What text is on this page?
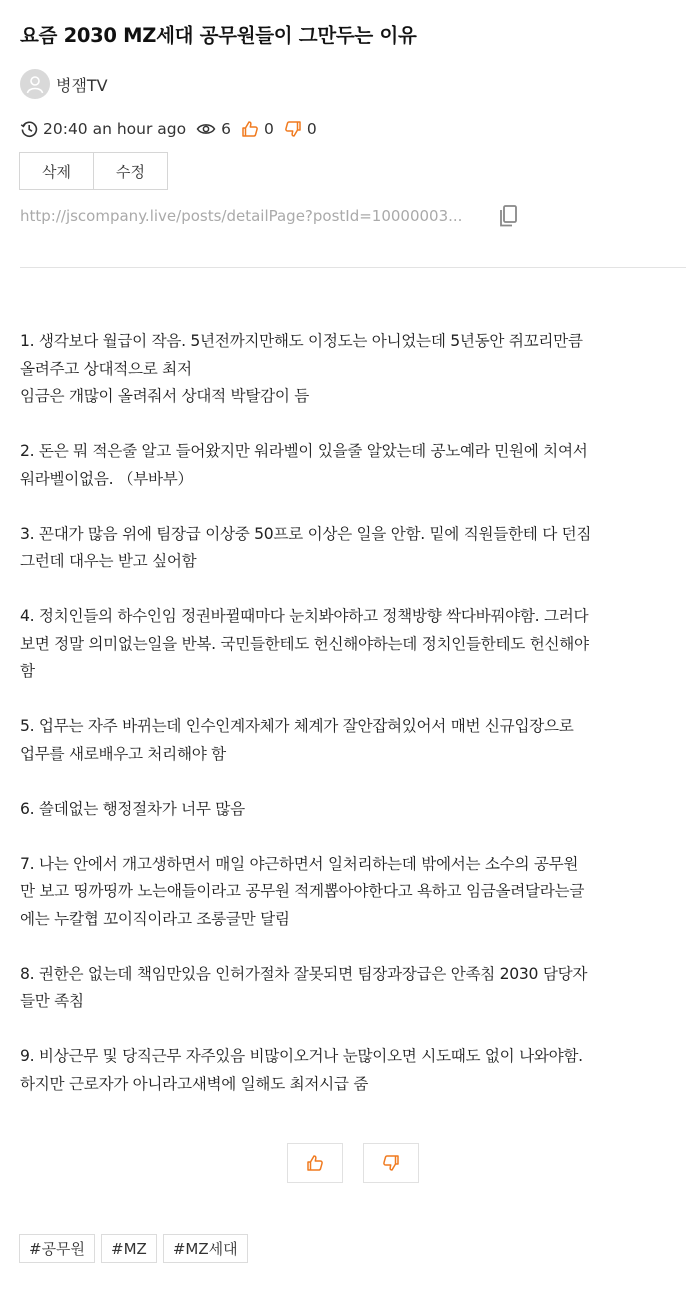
요즘 2030 MZ세대 공무원들이 그만두는 이유
병잼TV
20:40 an hour ago 6 0 0
삭제	수정
http://jscompany.live/posts/detailPage?postId=10000003...

1. 생각보다 월급이 작음. 5년전까지만해도 이정도는 아니었는데 5년동안 쥐꼬리만큼
올려주고 상대적으로 최저
임금은 개많이 올려줘서 상대적 박탈감이 듬

2. 돈은 뭐 적은줄 알고 들어왔지만 워라벨이 있을줄 알았는데 공노예라 민원에 치여서
워라벨이없음. （부바부）

3. 꼰대가 많음 위에 팀장급 이상중 50프로 이상은 일을 안함. 밑에 직원들한테 다 던짐
그런데 대우는 받고 싶어함

4. 정치인들의 하수인임 정권바뀔때마다 눈치봐야하고 정책방향 싹다바꿔야함. 그러다
보면 정말 의미없는일을 반복. 국민들한테도 헌신해야하는데 정치인들한테도 헌신해야
함

5. 업무는 자주 바뀌는데 인수인계자체가 체계가 잘안잡혀있어서 매번 신규입장으로
업무를 새로배우고 처리해야 함

6. 쓸데없는 행정절차가 너무 많음

7. 나는 안에서 개고생하면서 매일 야근하면서 일처리하는데 밖에서는 소수의 공무원
만 보고 띵까띵까 노는애들이라고 공무원 적게뽑아야한다고 욕하고 임금올려달라는글
에는 누칼협 꼬이직이라고 조롱글만 달림

8. 권한은 없는데 책임만있음 인허가절차 잘못되면 팀장과장급은 안족침 2030 담당자
들만 족침

9. 비상근무 및 당직근무 자주있음 비많이오거나 눈많이오면 시도때도 없이 나와야함.
하지만 근로자가 아니라고새벽에 일해도 최저시급 줌

#공무원	#MZ	#MZ세대
